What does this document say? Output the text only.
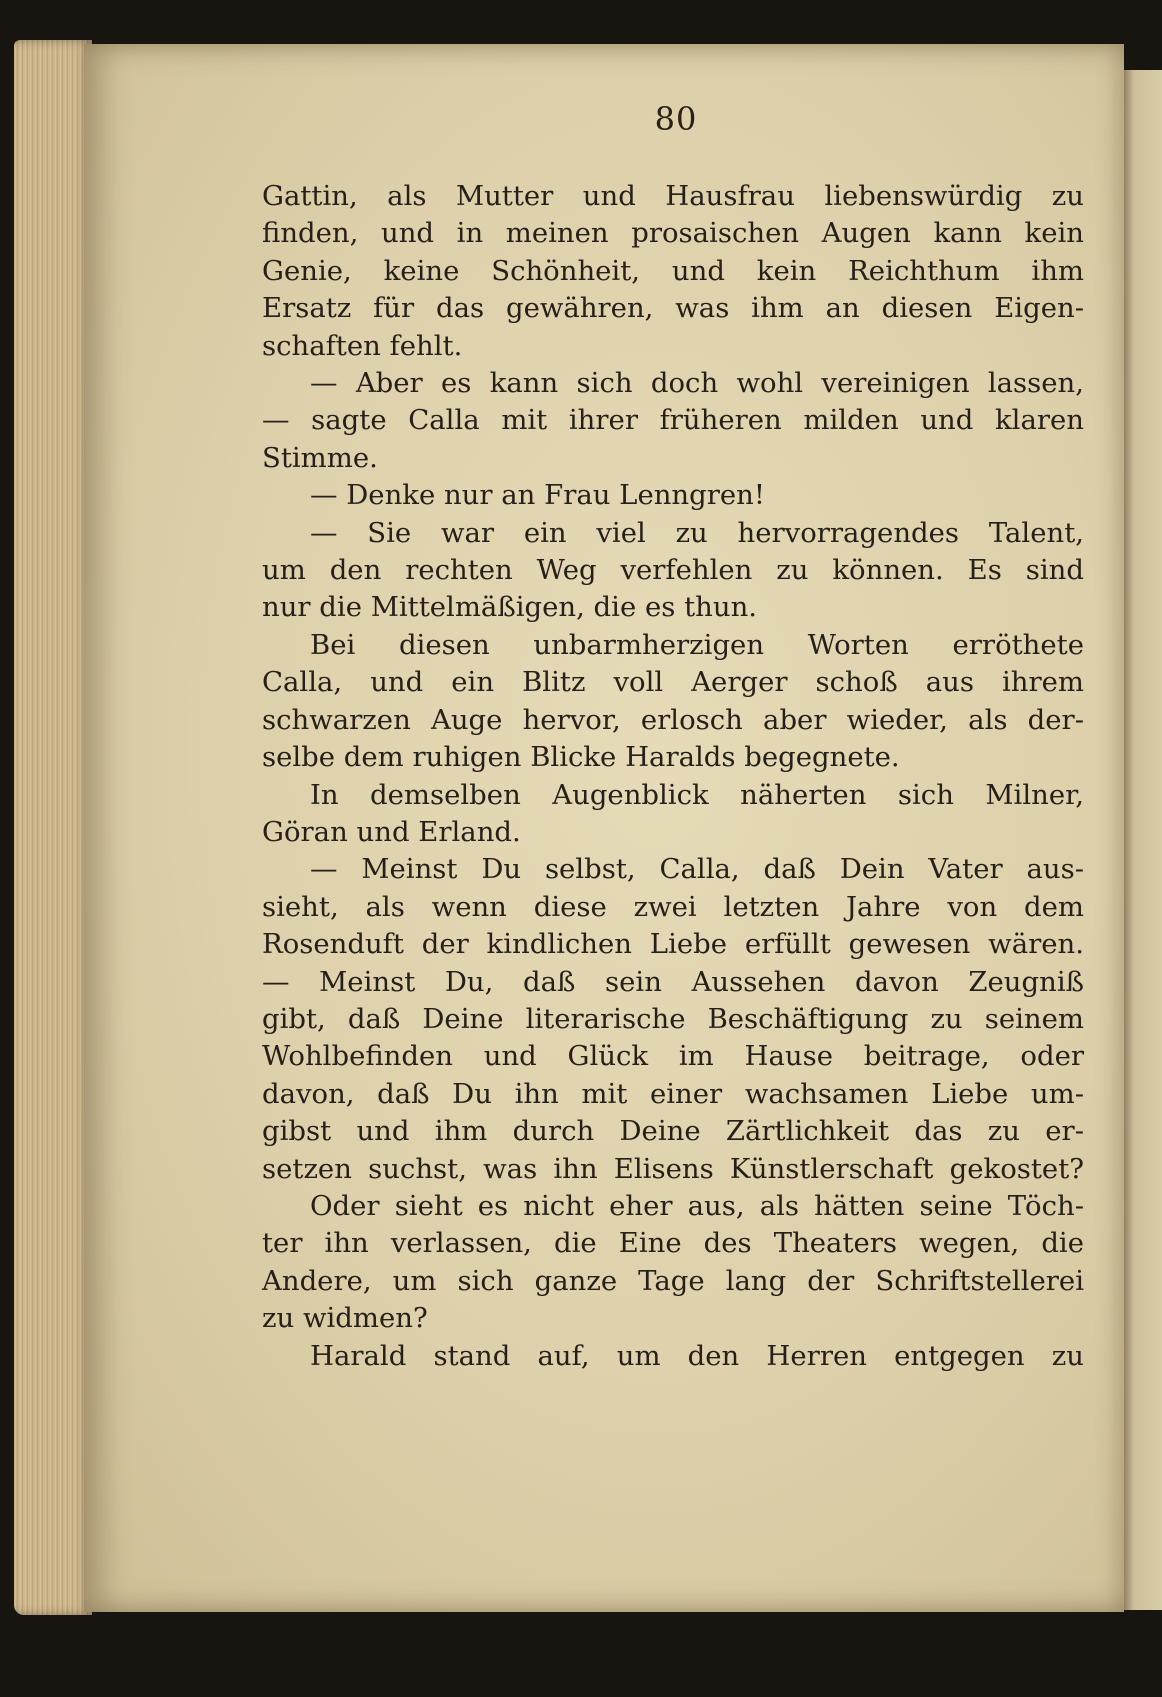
80
Gattin, als Mutter und Hausfrau liebenswürdig zu
finden, und in meinen prosaischen Augen kann kein
Genie, keine Schönheit, und kein Reichthum ihm
Ersatz für das gewähren, was ihm an diesen Eigen-
schaften fehlt.
— Aber es kann sich doch wohl vereinigen lassen,
— sagte Calla mit ihrer früheren milden und klaren
Stimme.
— Denke nur an Frau Lenngren!
— Sie war ein viel zu hervorragendes Talent,
um den rechten Weg verfehlen zu können. Es sind
nur die Mittelmäßigen, die es thun.
Bei diesen unbarmherzigen Worten erröthete
Calla, und ein Blitz voll Aerger schoß aus ihrem
schwarzen Auge hervor, erlosch aber wieder, als der-
selbe dem ruhigen Blicke Haralds begegnete.
In demselben Augenblick näherten sich Milner,
Göran und Erland.
— Meinst Du selbst, Calla, daß Dein Vater aus-
sieht, als wenn diese zwei letzten Jahre von dem
Rosenduft der kindlichen Liebe erfüllt gewesen wären.
— Meinst Du, daß sein Aussehen davon Zeugniß
gibt, daß Deine literarische Beschäftigung zu seinem
Wohlbefinden und Glück im Hause beitrage, oder
davon, daß Du ihn mit einer wachsamen Liebe um-
gibst und ihm durch Deine Zärtlichkeit das zu er-
setzen suchst, was ihn Elisens Künstlerschaft gekostet?
Oder sieht es nicht eher aus, als hätten seine Töch-
ter ihn verlassen, die Eine des Theaters wegen, die
Andere, um sich ganze Tage lang der Schriftstellerei
zu widmen?
Harald stand auf, um den Herren entgegen zu
